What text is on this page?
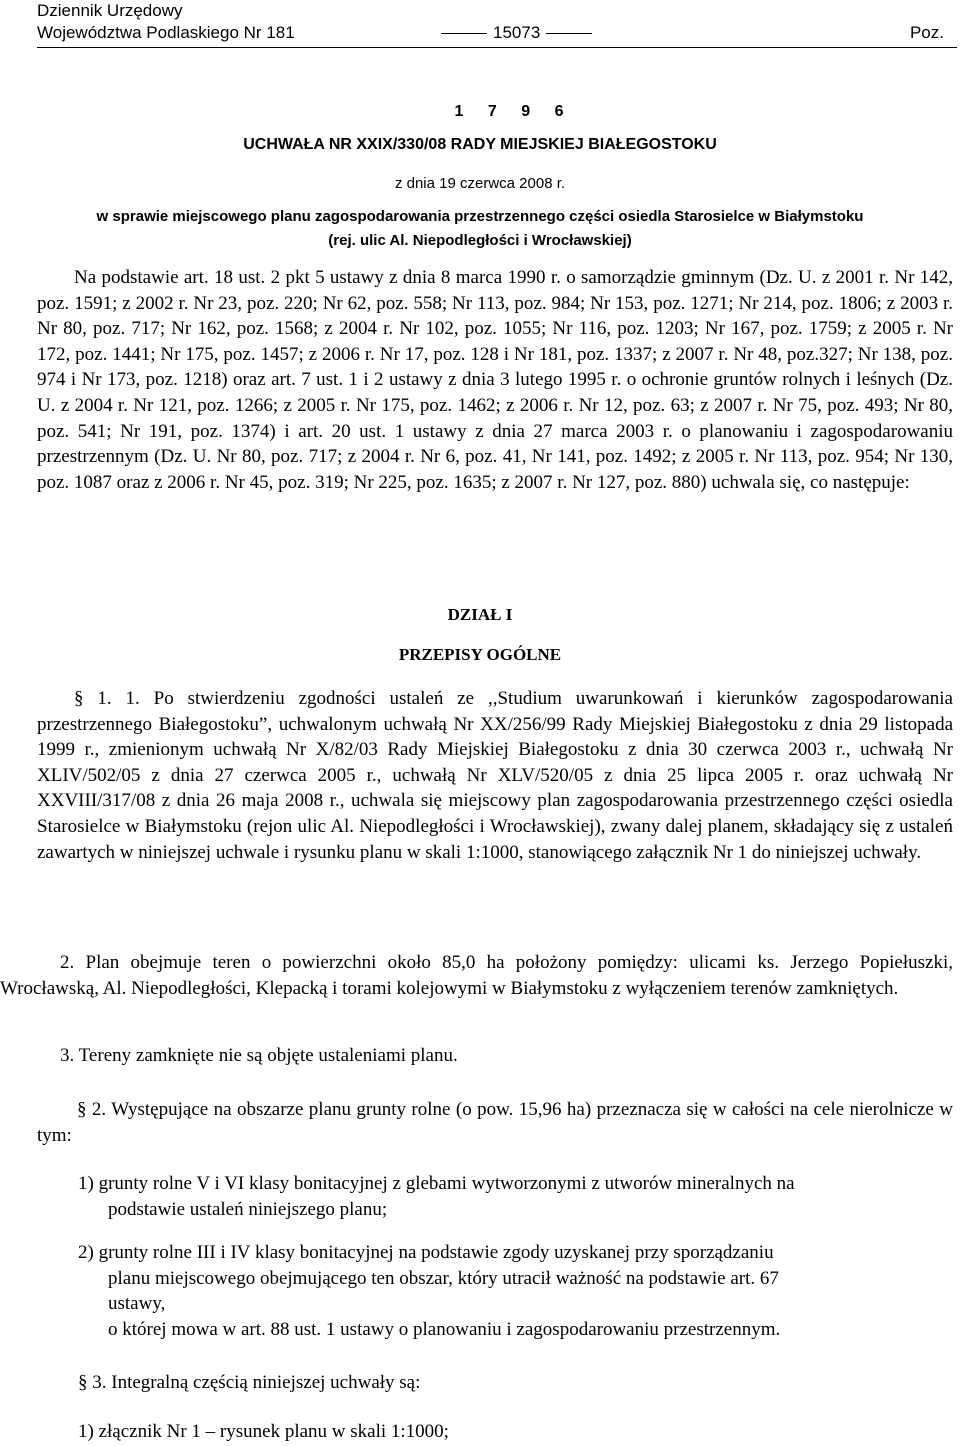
Dziennik Urzędowy
Województwa Podlaskiego Nr 181	15073	Poz.
1 7 9 6
UCHWAŁA NR XXIX/330/08 RADY MIEJSKIEJ BIAŁEGOSTOKU
z dnia 19 czerwca 2008 r.
w sprawie miejscowego planu zagospodarowania przestrzennego części osiedla Starosielce w Białymstoku
(rej. ulic Al. Niepodległości i Wrocławskiej)

Na podstawie art. 18 ust. 2 pkt 5 ustawy z dnia 8 marca 1990 r. o samorządzie gminnym (Dz. U. z 2001 r. Nr 142, poz. 1591; z 2002 r. Nr 23, poz. 220; Nr 62, poz. 558; Nr 113, poz. 984; Nr 153, poz. 1271; Nr 214, poz. 1806; z 2003 r. Nr 80, poz. 717; Nr 162, poz. 1568; z 2004 r. Nr 102, poz. 1055; Nr 116, poz. 1203; Nr 167, poz. 1759; z 2005 r. Nr 172, poz. 1441; Nr 175, poz. 1457; z 2006 r. Nr 17, poz. 128 i Nr 181, poz. 1337; z 2007 r. Nr 48, poz.327; Nr 138, poz. 974 i Nr 173, poz. 1218) oraz art. 7 ust. 1 i 2 ustawy z dnia 3 lutego 1995 r. o ochronie gruntów rolnych i leśnych (Dz. U. z 2004 r. Nr 121, poz. 1266; z 2005 r. Nr 175, poz. 1462; z 2006 r. Nr 12, poz. 63; z 2007 r. Nr 75, poz. 493; Nr 80, poz. 541; Nr 191, poz. 1374) i art. 20 ust. 1 ustawy z dnia 27 marca 2003 r. o planowaniu i zagospodarowaniu przestrzennym (Dz. U. Nr 80, poz. 717; z 2004 r. Nr 6, poz. 41, Nr 141, poz. 1492; z 2005 r. Nr 113, poz. 954; Nr 130, poz. 1087 oraz z 2006 r. Nr 45, poz. 319; Nr 225, poz. 1635; z 2007 r. Nr 127, poz. 880) uchwala się, co następuje:

DZIAŁ I
PRZEPISY OGÓLNE

§ 1. 1. Po stwierdzeniu zgodności ustaleń ze ,,Studium uwarunkowań i kierunków zagospodarowania przestrzennego Białegostoku”, uchwalonym uchwałą Nr XX/256/99 Rady Miejskiej Białegostoku z dnia 29 listopada 1999 r., zmienionym uchwałą Nr X/82/03 Rady Miejskiej Białegostoku z dnia 30 czerwca 2003 r., uchwałą Nr XLIV/502/05 z dnia 27 czerwca 2005 r., uchwałą Nr XLV/520/05 z dnia 25 lipca 2005 r. oraz uchwałą Nr XXVIII/317/08 z dnia 26 maja 2008 r., uchwala się miejscowy plan zagospodarowania przestrzennego części osiedla Starosielce w Białymstoku (rejon ulic Al. Niepodległości i Wrocławskiej), zwany dalej planem, składający się z ustaleń zawartych w niniejszej uchwale i rysunku planu w skali 1:1000, stanowiącego załącznik Nr 1 do niniejszej uchwały.

2. Plan obejmuje teren o powierzchni około 85,0 ha położony pomiędzy: ulicami ks. Jerzego Popiełuszki, Wrocławską, Al. Niepodległości, Klepacką i torami kolejowymi w Białymstoku z wyłączeniem terenów zamkniętych.

3. Tereny zamknięte nie są objęte ustaleniami planu.

§ 2. Występujące na obszarze planu grunty rolne (o pow. 15,96 ha) przeznacza się w całości na cele nierolnicze w tym:

1) grunty rolne V i VI klasy bonitacyjnej z glebami wytworzonymi z utworów mineralnych na
podstawie ustaleń niniejszego planu;
2) grunty rolne III i IV klasy bonitacyjnej na podstawie zgody uzyskanej przy sporządzaniu
planu miejscowego obejmującego ten obszar, który utracił ważność na podstawie art. 67
ustawy,
o której mowa w art. 88 ust. 1 ustawy o planowaniu i zagospodarowaniu przestrzennym.
§ 3. Integralną częścią niniejszej uchwały są:
1) złącznik Nr 1 – rysunek planu w skali 1:1000;
